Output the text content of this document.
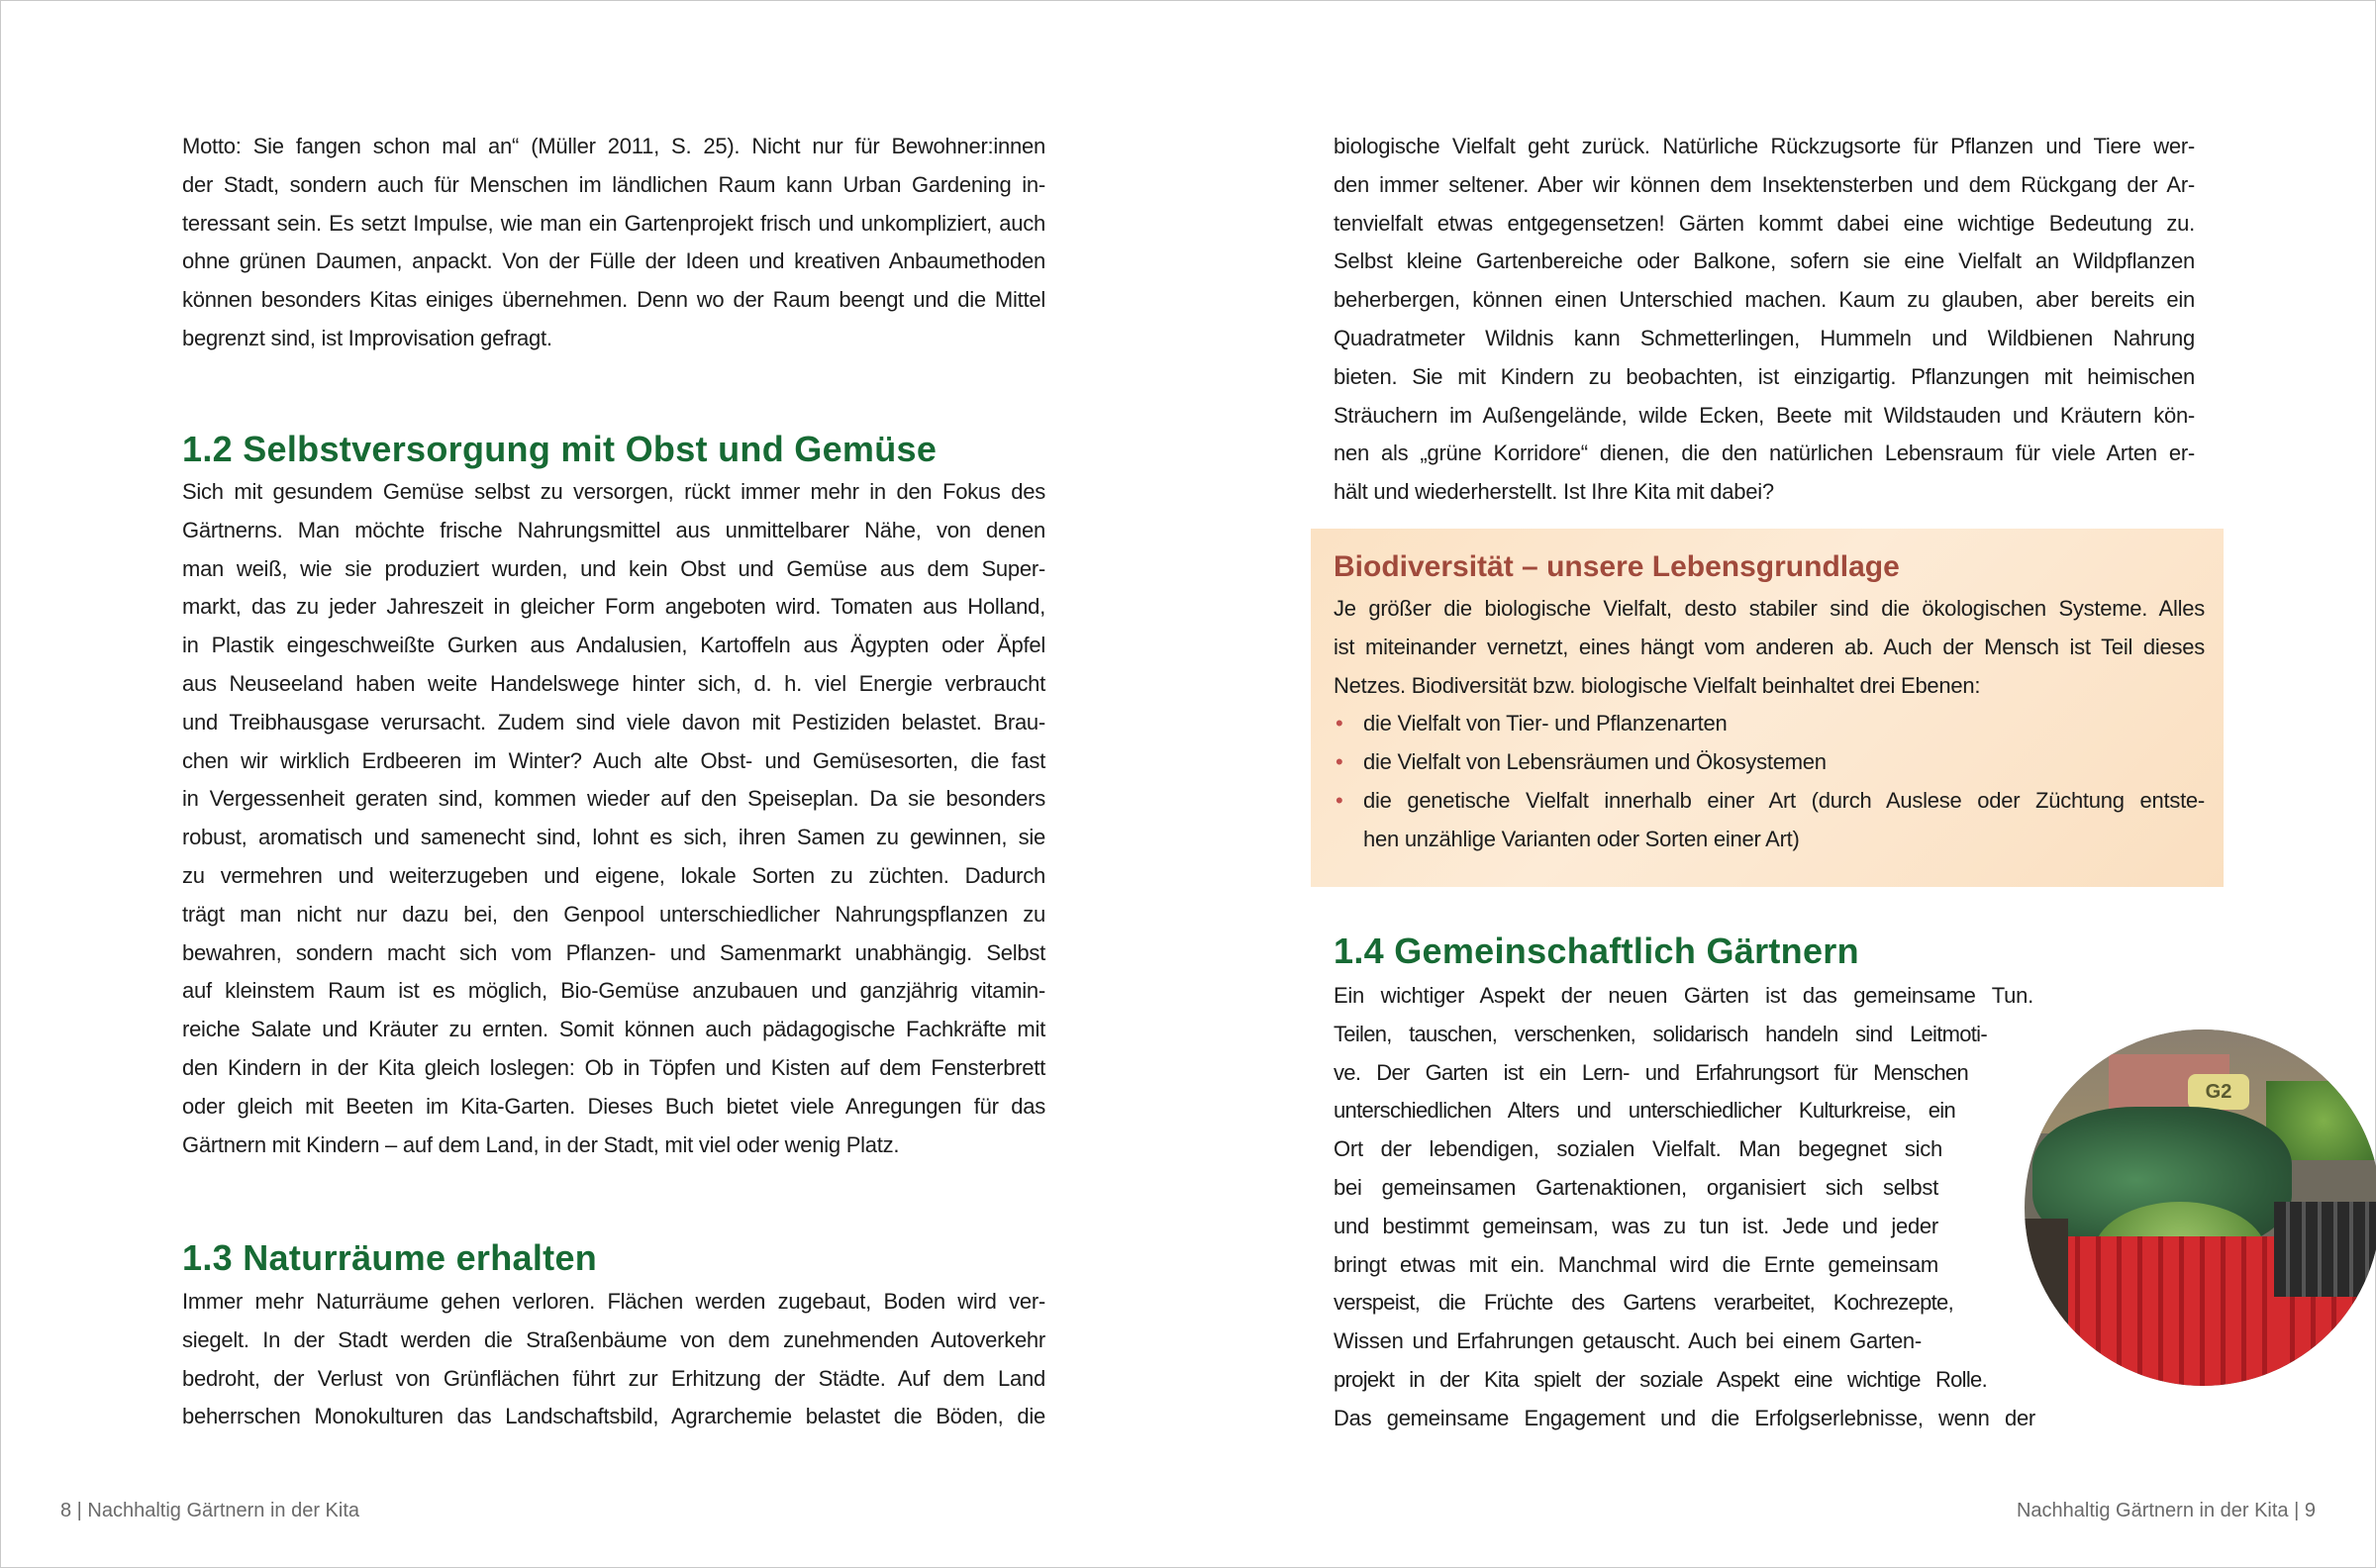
Motto: Sie fangen schon mal an“ (Müller 2011, S. 25). Nicht nur für Bewohner:innen
der Stadt, sondern auch für Menschen im ländlichen Raum kann Urban Gardening in-
teressant sein. Es setzt Impulse, wie man ein Gartenprojekt frisch und unkompliziert, auch
ohne grünen Daumen, anpackt. Von der Fülle der Ideen und kreativen Anbaumethoden
können besonders Kitas einiges übernehmen. Denn wo der Raum beengt und die Mittel
begrenzt sind, ist Improvisation gefragt.
1.2 Selbstversorgung mit Obst und Gemüse
Sich mit gesundem Gemüse selbst zu versorgen, rückt immer mehr in den Fokus des
Gärtnerns. Man möchte frische Nahrungsmittel aus unmittelbarer Nähe, von denen
man weiß, wie sie produziert wurden, und kein Obst und Gemüse aus dem Super-
markt, das zu jeder Jahreszeit in gleicher Form angeboten wird. Tomaten aus Holland,
in Plastik eingeschweißte Gurken aus Andalusien, Kartoffeln aus Ägypten oder Äpfel
aus Neuseeland haben weite Handelswege hinter sich, d. h. viel Energie verbraucht
und Treibhausgase verursacht. Zudem sind viele davon mit Pestiziden belastet. Brau-
chen wir wirklich Erdbeeren im Winter? Auch alte Obst- und Gemüsesorten, die fast
in Vergessenheit geraten sind, kommen wieder auf den Speiseplan. Da sie besonders
robust, aromatisch und samenecht sind, lohnt es sich, ihren Samen zu gewinnen, sie
zu vermehren und weiterzugeben und eigene, lokale Sorten zu züchten. Dadurch
trägt man nicht nur dazu bei, den Genpool unterschiedlicher Nahrungspflanzen zu
bewahren, sondern macht sich vom Pflanzen- und Samenmarkt unabhängig. Selbst
auf kleinstem Raum ist es möglich, Bio-Gemüse anzubauen und ganzjährig vitamin-
reiche Salate und Kräuter zu ernten. Somit können auch pädagogische Fachkräfte mit
den Kindern in der Kita gleich loslegen: Ob in Töpfen und Kisten auf dem Fensterbrett
oder gleich mit Beeten im Kita-Garten. Dieses Buch bietet viele Anregungen für das
Gärtnern mit Kindern – auf dem Land, in der Stadt, mit viel oder wenig Platz.
1.3 Naturräume erhalten
Immer mehr Naturräume gehen verloren. Flächen werden zugebaut, Boden wird ver-
siegelt. In der Stadt werden die Straßenbäume von dem zunehmenden Autoverkehr
bedroht, der Verlust von Grünflächen führt zur Erhitzung der Städte. Auf dem Land
beherrschen Monokulturen das Landschaftsbild, Agrarchemie belastet die Böden, die
8 | Nachhaltig Gärtnern in der Kita
biologische Vielfalt geht zurück. Natürliche Rückzugsorte für Pflanzen und Tiere wer-
den immer seltener. Aber wir können dem Insektensterben und dem Rückgang der Ar-
tenvielfalt etwas entgegensetzen! Gärten kommt dabei eine wichtige Bedeutung zu.
Selbst kleine Gartenbereiche oder Balkone, sofern sie eine Vielfalt an Wildpflanzen
beherbergen, können einen Unterschied machen. Kaum zu glauben, aber bereits ein
Quadratmeter Wildnis kann Schmetterlingen, Hummeln und Wildbienen Nahrung
bieten. Sie mit Kindern zu beobachten, ist einzigartig. Pflanzungen mit heimischen
Sträuchern im Außengelände, wilde Ecken, Beete mit Wildstauden und Kräutern kön-
nen als „grüne Korridore“ dienen, die den natürlichen Lebensraum für viele Arten er-
hält und wiederherstellt. Ist Ihre Kita mit dabei?
Biodiversität – unsere Lebensgrundlage
Je größer die biologische Vielfalt, desto stabiler sind die ökologischen Systeme. Alles
ist miteinander vernetzt, eines hängt vom anderen ab. Auch der Mensch ist Teil dieses
Netzes. Biodiversität bzw. biologische Vielfalt beinhaltet drei Ebenen:
• die Vielfalt von Tier- und Pflanzenarten
• die Vielfalt von Lebensräumen und Ökosystemen
• die genetische Vielfalt innerhalb einer Art (durch Auslese oder Züchtung entste-
hen unzählige Varianten oder Sorten einer Art)
1.4 Gemeinschaftlich Gärtnern
Ein wichtiger Aspekt der neuen Gärten ist das gemeinsame Tun.
Teilen, tauschen, verschenken, solidarisch handeln sind Leitmoti-
ve. Der Garten ist ein Lern- und Erfahrungsort für Menschen
unterschiedlichen Alters und unterschiedlicher Kulturkreise, ein
Ort der lebendigen, sozialen Vielfalt. Man begegnet sich
bei gemeinsamen Gartenaktionen, organisiert sich selbst
und bestimmt gemeinsam, was zu tun ist. Jede und jeder
bringt etwas mit ein. Manchmal wird die Ernte gemeinsam
verspeist, die Früchte des Gartens verarbeitet, Kochrezepte,
Wissen und Erfahrungen getauscht. Auch bei einem Garten-
projekt in der Kita spielt der soziale Aspekt eine wichtige Rolle.
Das gemeinsame Engagement und die Erfolgserlebnisse, wenn der
G2
Nachhaltig Gärtnern in der Kita | 9
